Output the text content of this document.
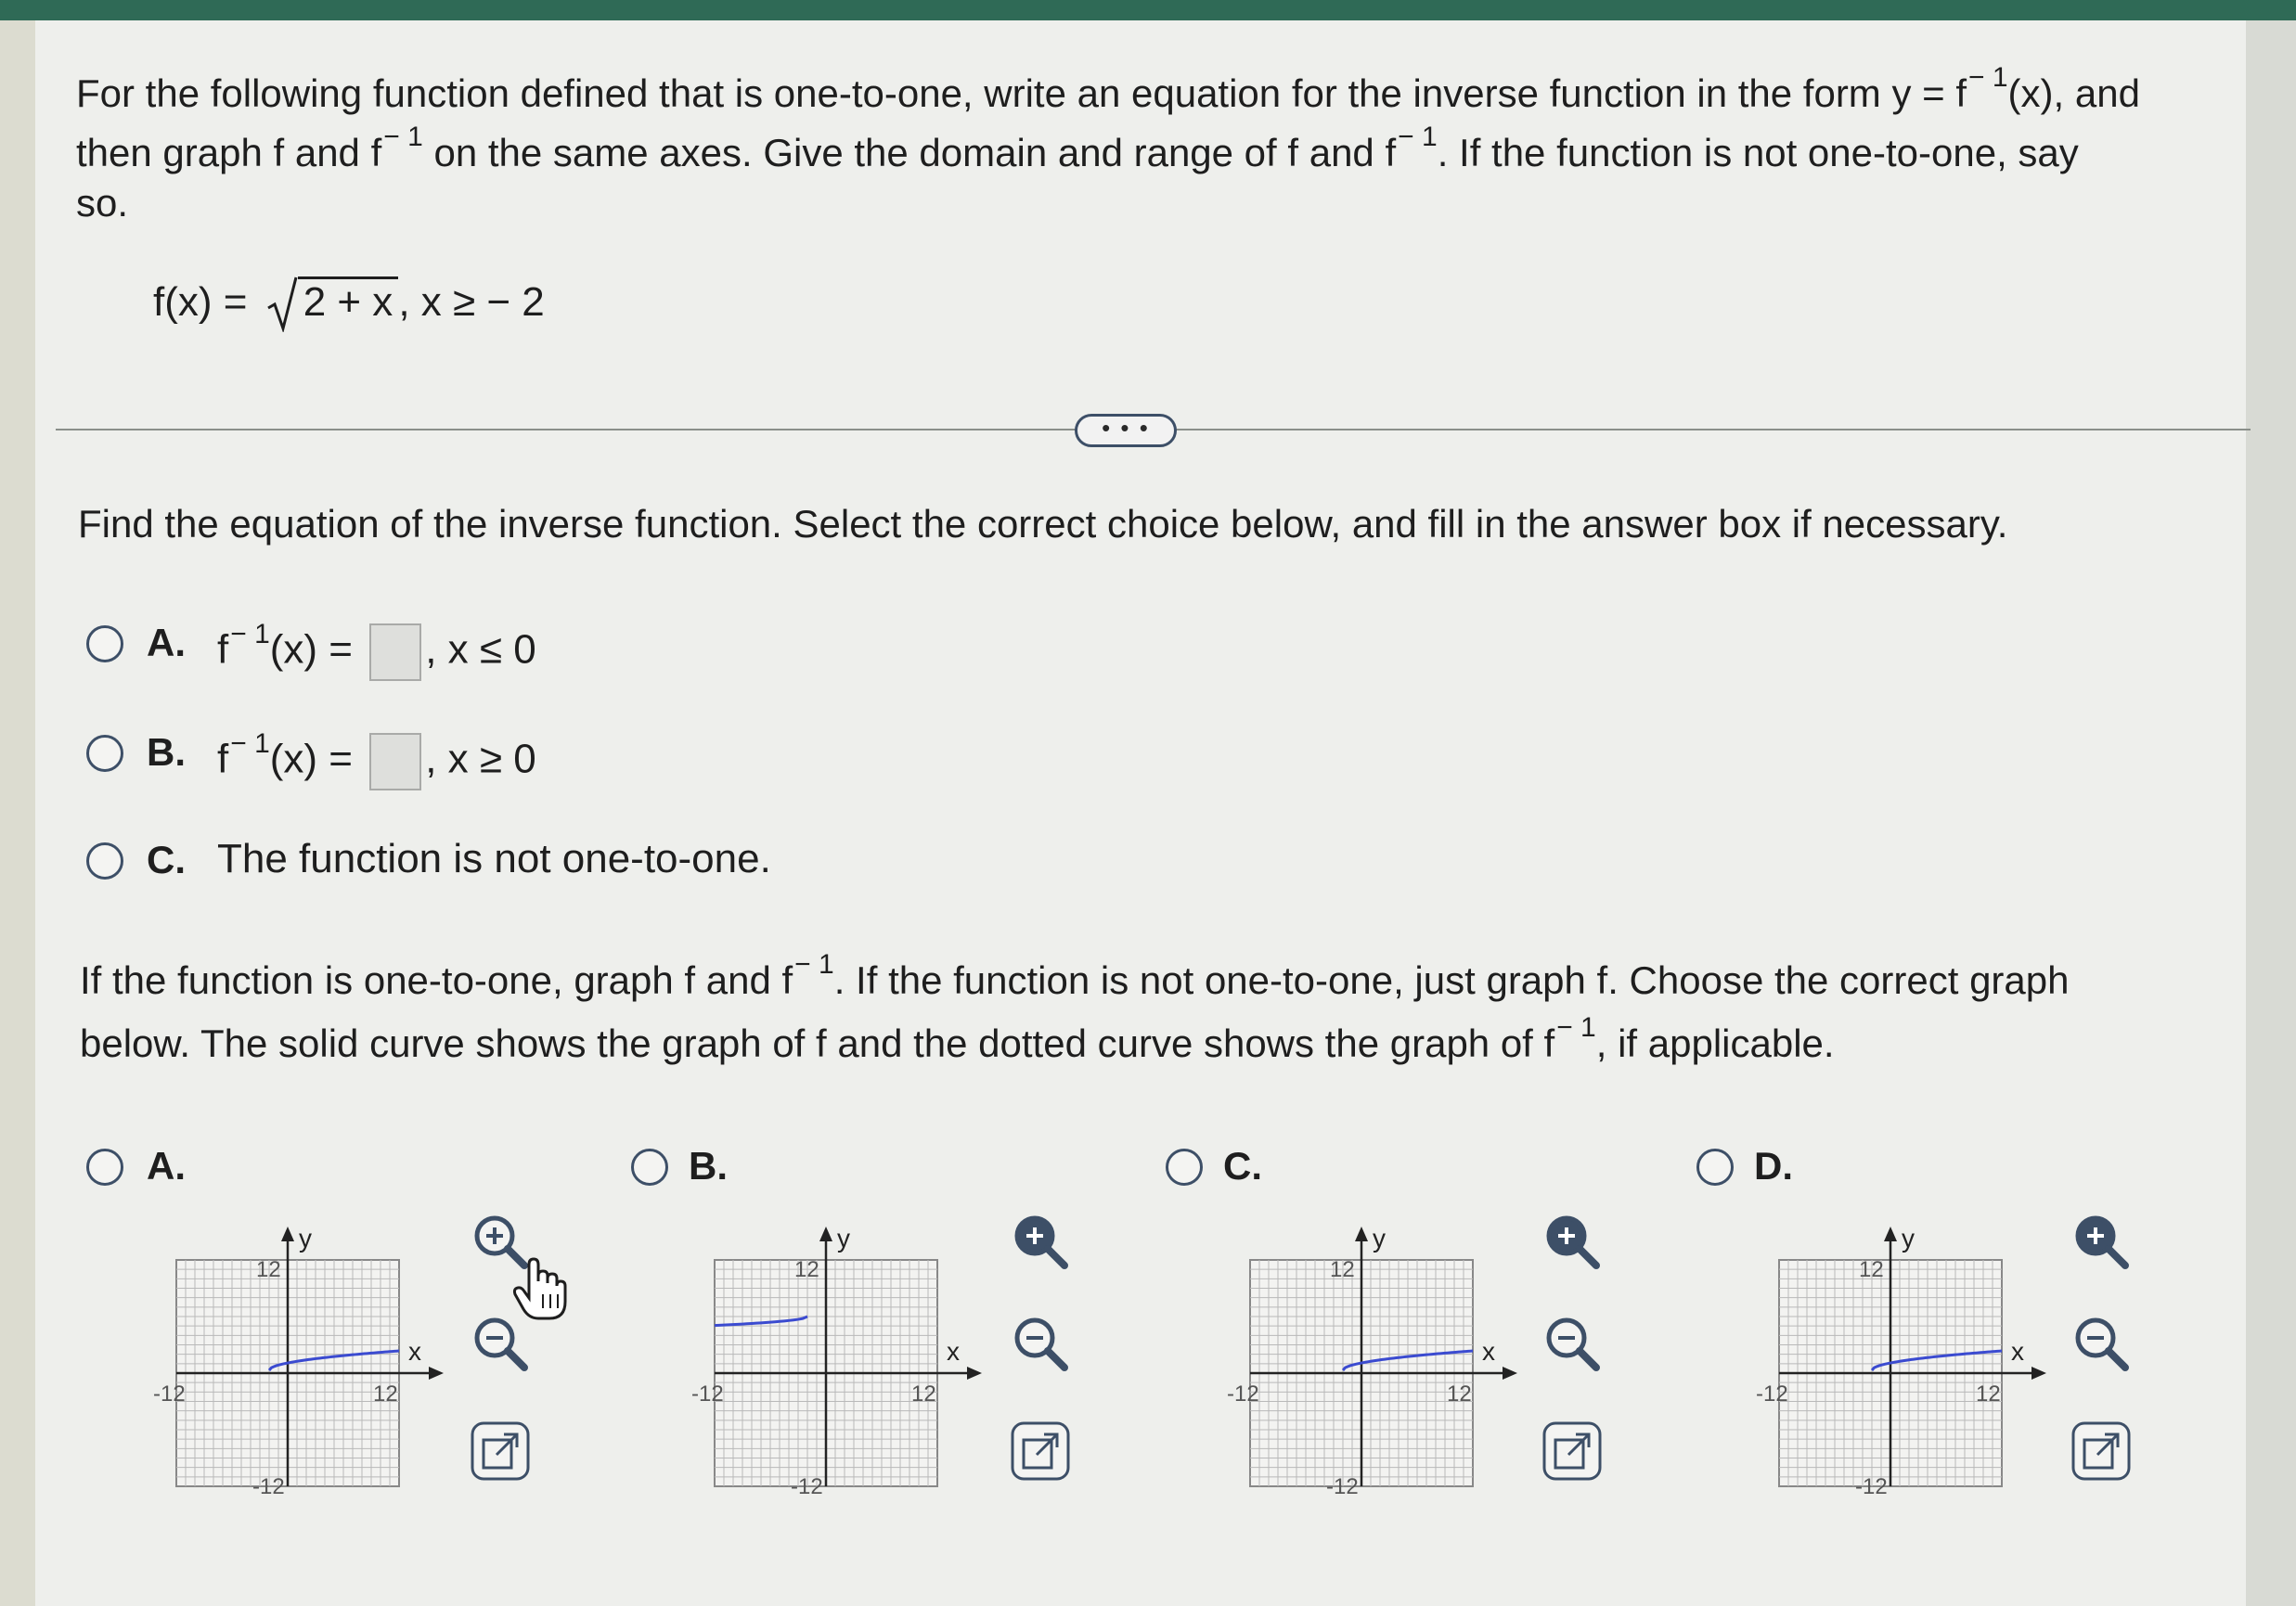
For the following function defined that is one-to-one, write an equation for the inverse function in the form $y = f^{- 1}(x)$, and
then graph f and $f^{- 1}$ on the same axes. Give the domain and range of f and $f^{- 1}$. If the function is not one-to-one, say
so.
f(x) =
2 + x , x ≥ − 2
• • •
Find the equation of the inverse function. Select the correct choice below, and fill in the answer box if necessary.
A. $f^{- 1}(x)$ = , x ≤ 0
B. $f^{- 1}(x)$ = , x ≥ 0
C. The function is not one-to-one.
If the function is one-to-one, graph f and $f^{- 1}$. If the function is not one-to-one, just graph f. Choose the correct graph
below. The solid curve shows the graph of f and the dotted curve shows the graph of $f^{- 1}$, if applicable.
A.	B.	C.	D.
y
x
12
-12
-12	12
y
x
12
-12
-12	12
y
x
12
-12
-12	12
y
x
12
-12
-12	12
